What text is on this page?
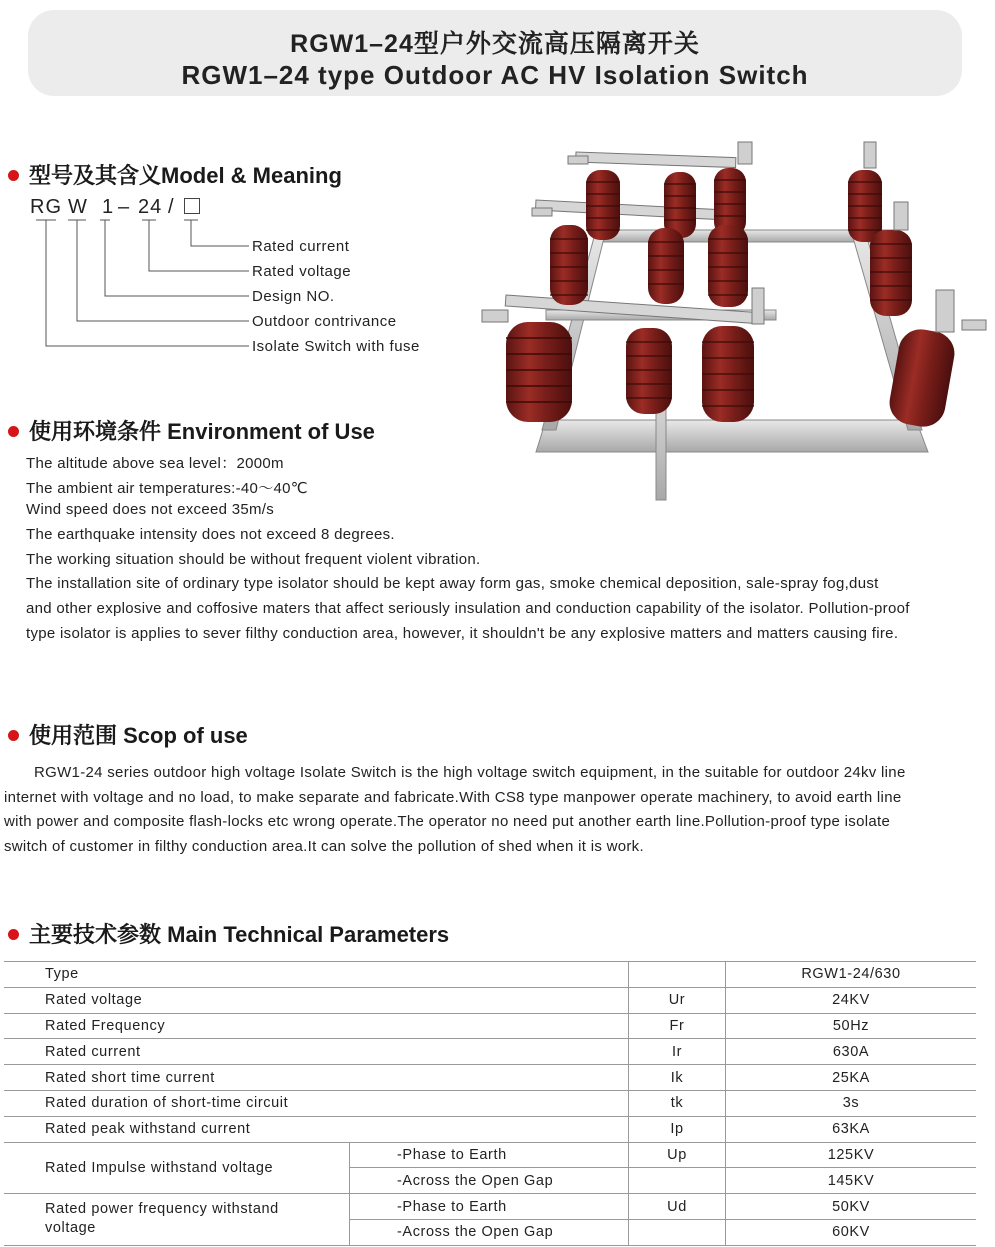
RGW1–24型户外交流高压隔离开关
RGW1–24 type Outdoor AC HV Isolation Switch
型号及其含义Model & Meaning
RG W 1 – 24 /
Rated current
Rated voltage
Design NO.
Outdoor contrivance
Isolate Switch with fuse
使用环境条件 Environment of Use
The altitude above sea level：2000m
The ambient air temperatures:-40～40℃
Wind speed does not exceed 35m/s
The earthquake intensity does not exceed 8 degrees.
The working situation should be without frequent violent vibration.
The installation site of ordinary type isolator should be kept away form gas, smoke chemical deposition, sale-spray fog,dust
and other explosive and coffosive maters that affect seriously insulation and conduction capability of the isolator. Pollution-proof
type isolator is applies to sever filthy conduction area, however, it shouldn't be any explosive matters and matters causing fire.
使用范围 Scop of use
RGW1-24 series outdoor high voltage Isolate Switch is the high voltage switch equipment, in the suitable for outdoor 24kv line
internet with voltage and no load, to make separate and fabricate.With CS8 type manpower operate machinery, to avoid earth line
with power and composite flash-locks etc wrong operate.The operator no need put another earth line.Pollution-proof type isolate
switch of customer in filthy conduction area.It can solve the pollution of shed when it is work.
主要技术参数 Main Technical Parameters
Type			RGW1-24/630
Rated voltage		Ur	24KV
Rated Frequency		Fr	50Hz
Rated current		Ir	630A
Rated short time current		Ik	25KA
Rated duration of short-time circuit		tk	3s
Rated peak withstand current		Ip	63KA
Rated Impulse withstand voltage	-Phase to Earth	Up	125KV
	-Across the Open Gap		145KV
Rated power frequency withstand
voltage	-Phase to Earth	Ud	50KV
	-Across the Open Gap		60KV
